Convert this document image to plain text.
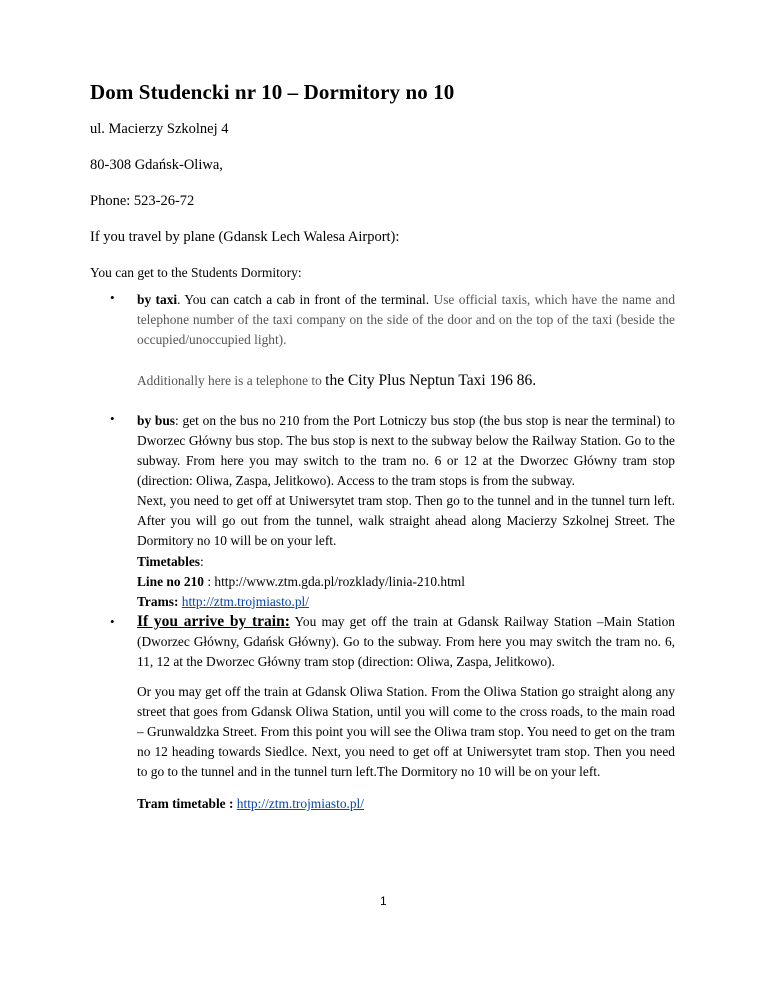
Dom Studencki nr 10 – Dormitory no 10

ul. Macierzy Szkolnej 4

80-308 Gdańsk-Oliwa,

Phone: 523-26-72

If you travel by plane (Gdansk Lech Walesa Airport):

You can get to the Students Dormitory:

• by taxi. You can catch a cab in front of the terminal. Use official taxis, which have the name and telephone number of the taxi company on the side of the door and on the top of the taxi (beside the occupied/unoccupied light).

Additionally here is a telephone to the City Plus Neptun Taxi 196 86.

• by bus: get on the bus no 210 from the Port Lotniczy bus stop (the bus stop is near the terminal) to Dworzec Główny bus stop. The bus stop is next to the subway below the Railway Station. Go to the subway. From here you may switch to the tram no. 6 or 12 at the Dworzec Główny tram stop (direction: Oliwa, Zaspa, Jelitkowo). Access to the tram stops is from the subway.
Next, you need to get off at Uniwersytet tram stop. Then go to the tunnel and in the tunnel turn left. After you will go out from the tunnel, walk straight ahead along Macierzy Szkolnej Street. The Dormitory no 10 will be on your left.

Timetables:
Line no 210 : http://www.ztm.gda.pl/rozklady/linia-210.html
Trams: http://ztm.trojmiasto.pl/

• If you arrive by train: You may get off the train at Gdansk Railway Station –Main Station (Dworzec Główny, Gdańsk Główny). Go to the subway. From here you may switch the tram no. 6, 11, 12 at the Dworzec Główny tram stop (direction: Oliwa, Zaspa, Jelitkowo).

Or you may get off the train at Gdansk Oliwa Station. From the Oliwa Station go straight along any street that goes from Gdansk Oliwa Station, until you will come to the cross roads, to the main road – Grunwaldzka Street. From this point you will see the Oliwa tram stop. You need to get on the tram no 12 heading towards Siedlce. Next, you need to get off at Uniwersytet tram stop. Then you need to go to the tunnel and in the tunnel turn left.The Dormitory no 10 will be on your left.

Tram timetable : http://ztm.trojmiasto.pl/

1
